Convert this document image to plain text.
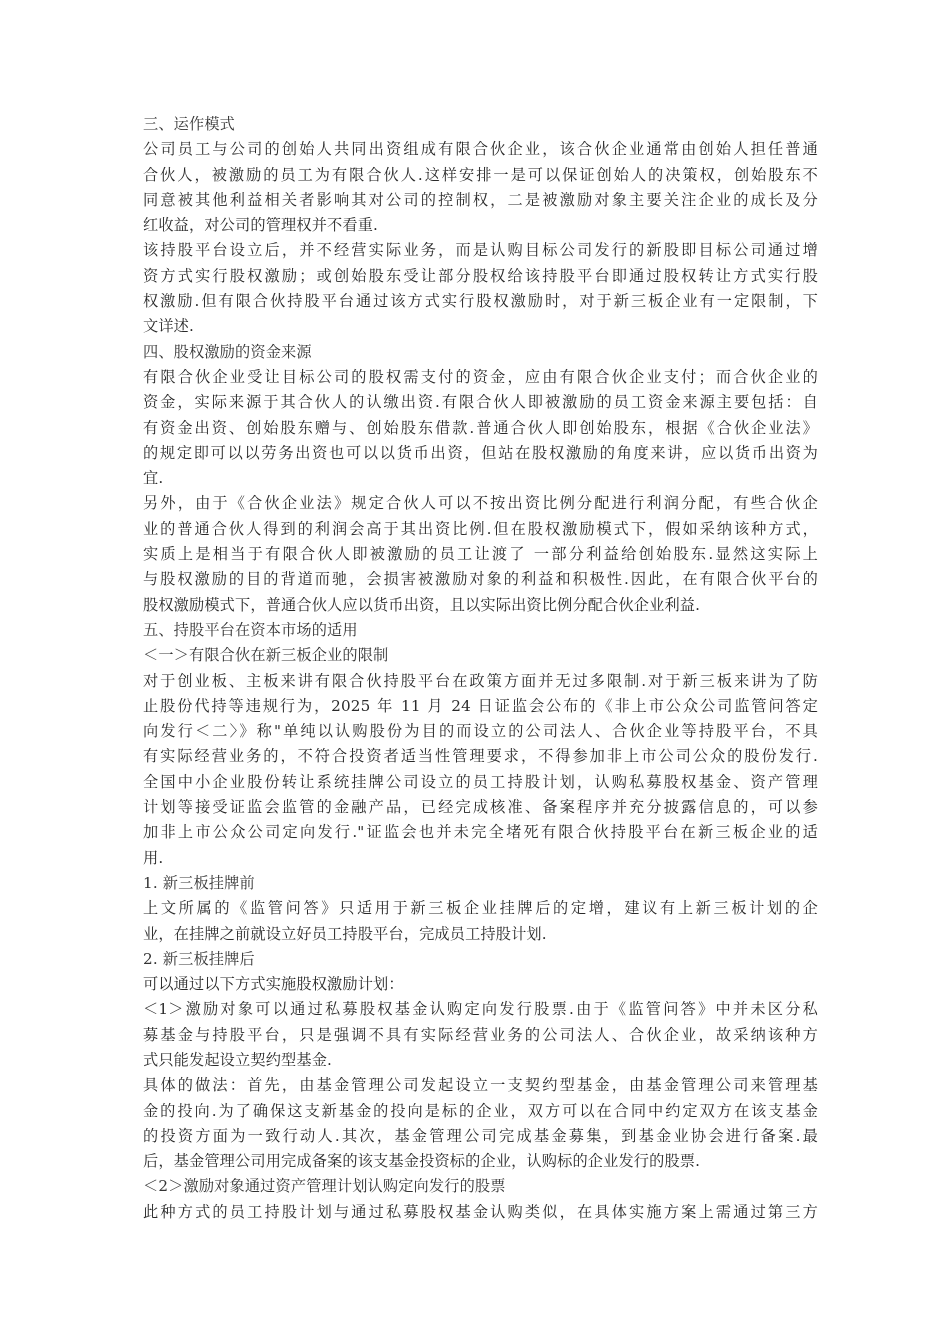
三、运作模式
公司员工与公司的创始人共同出资组成有限合伙企业，该合伙企业通常由创始人担任普通
合伙人，被激励的员工为有限合伙人.这样安排一是可以保证创始人的决策权，创始股东不
同意被其他利益相关者影响其对公司的控制权，二是被激励对象主要关注企业的成长及分
红收益，对公司的管理权并不看重.
该持股平台设立后，并不经营实际业务，而是认购目标公司发行的新股即目标公司通过增
资方式实行股权激励；或创始股东受让部分股权给该持股平台即通过股权转让方式实行股
权激励.但有限合伙持股平台通过该方式实行股权激励时，对于新三板企业有一定限制，下
文详述.
四、股权激励的资金来源
有限合伙企业受让目标公司的股权需支付的资金，应由有限合伙企业支付；而合伙企业的
资金，实际来源于其合伙人的认缴出资.有限合伙人即被激励的员工资金来源主要包括：自
有资金出资、创始股东赠与、创始股东借款.普通合伙人即创始股东，根据《合伙企业法》
的规定即可以以劳务出资也可以以货币出资，但站在股权激励的角度来讲，应以货币出资为
宜.
另外，由于《合伙企业法》规定合伙人可以不按出资比例分配进行利润分配，有些合伙企
业的普通合伙人得到的利润会高于其出资比例.但在股权激励模式下，假如采纳该种方式，
实质上是相当于有限合伙人即被激励的员工让渡了 一部分利益给创始股东.显然这实际上
与股权激励的目的背道而驰，会损害被激励对象的利益和积极性.因此，在有限合伙平台的
股权激励模式下，普通合伙人应以货币出资，且以实际出资比例分配合伙企业利益.
五、持股平台在资本市场的适用
＜一＞有限合伙在新三板企业的限制
对于创业板、主板来讲有限合伙持股平台在政策方面并无过多限制.对于新三板来讲为了防
止股份代持等违规行为，2025 年 11 月 24 日证监会公布的《非上市公众公司监管问答定
向发行＜二〉》称"单纯以认购股份为目的而设立的公司法人、合伙企业等持股平台，不具
有实际经营业务的，不符合投资者适当性管理要求，不得参加非上市公司公众的股份发行.
全国中小企业股份转让系统挂牌公司设立的员工持股计划，认购私募股权基金、资产管理
计划等接受证监会监管的金融产品，已经完成核准、备案程序并充分披露信息的，可以参
加非上市公众公司定向发行."证监会也并未完全堵死有限合伙持股平台在新三板企业的适
用.
1. 新三板挂牌前
上文所属的《监管问答》只适用于新三板企业挂牌后的定增，建议有上新三板计划的企
业，在挂牌之前就设立好员工持股平台，完成员工持股计划.
2. 新三板挂牌后
可以通过以下方式实施股权激励计划：
＜1＞激励对象可以通过私募股权基金认购定向发行股票.由于《监管问答》中并未区分私
募基金与持股平台，只是强调不具有实际经营业务的公司法人、合伙企业，故采纳该种方
式只能发起设立契约型基金.
具体的做法：首先，由基金管理公司发起设立一支契约型基金，由基金管理公司来管理基
金的投向.为了确保这支新基金的投向是标的企业，双方可以在合同中约定双方在该支基金
的投资方面为一致行动人.其次，基金管理公司完成基金募集，到基金业协会进行备案.最
后，基金管理公司用完成备案的该支基金投资标的企业，认购标的企业发行的股票.
＜2＞激励对象通过资产管理计划认购定向发行的股票
此种方式的员工持股计划与通过私募股权基金认购类似，在具体实施方案上需通过第三方
